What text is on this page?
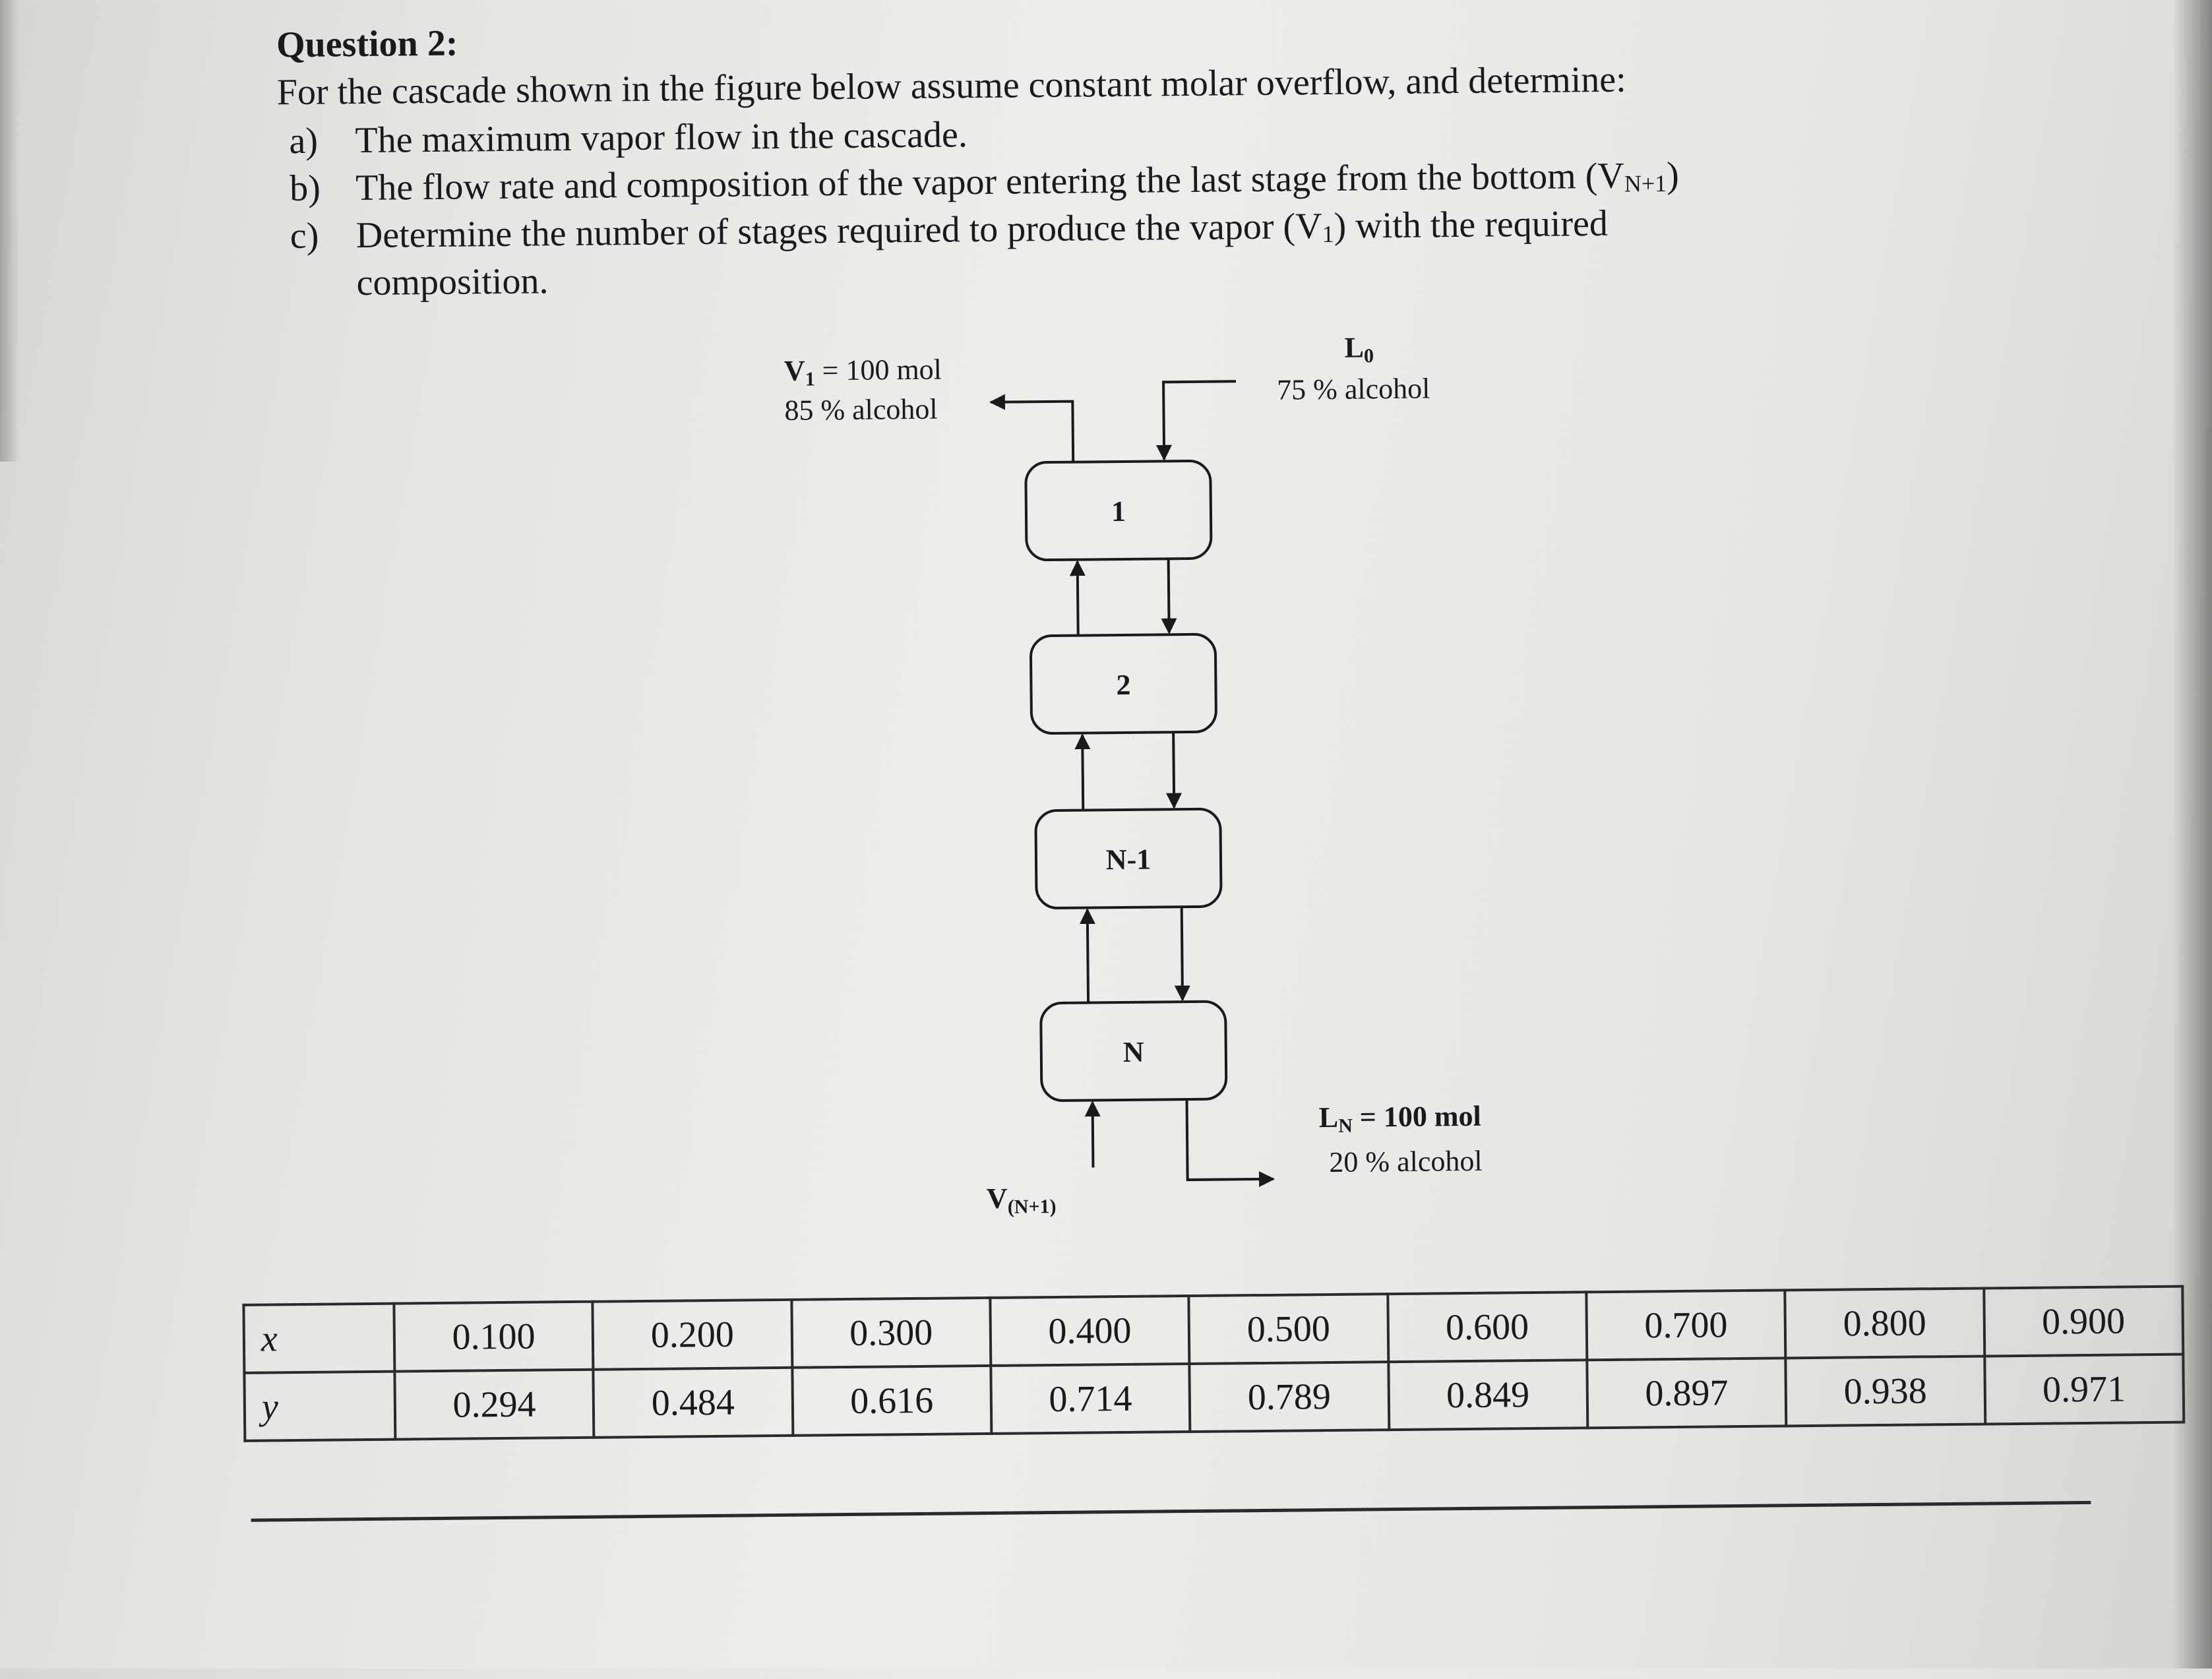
Question 2:
For the cascade shown in the figure below assume constant molar overflow, and determine:
a) The maximum vapor flow in the cascade.
b) The flow rate and composition of the vapor entering the last stage from the bottom $(V_{N+1})$
c) Determine the number of stages required to produce the vapor $(V_1)$ with the required
composition.
1
2
N-1
N
V1 = 100 mol
85 % alcohol
L0
75 % alcohol
LN = 100 mol
20 % alcohol
V(N+1)
x	0.100	0.200	0.300	0.400	0.500	0.600	0.700	0.800	0.900
y	0.294	0.484	0.616	0.714	0.789	0.849	0.897	0.938	0.971
